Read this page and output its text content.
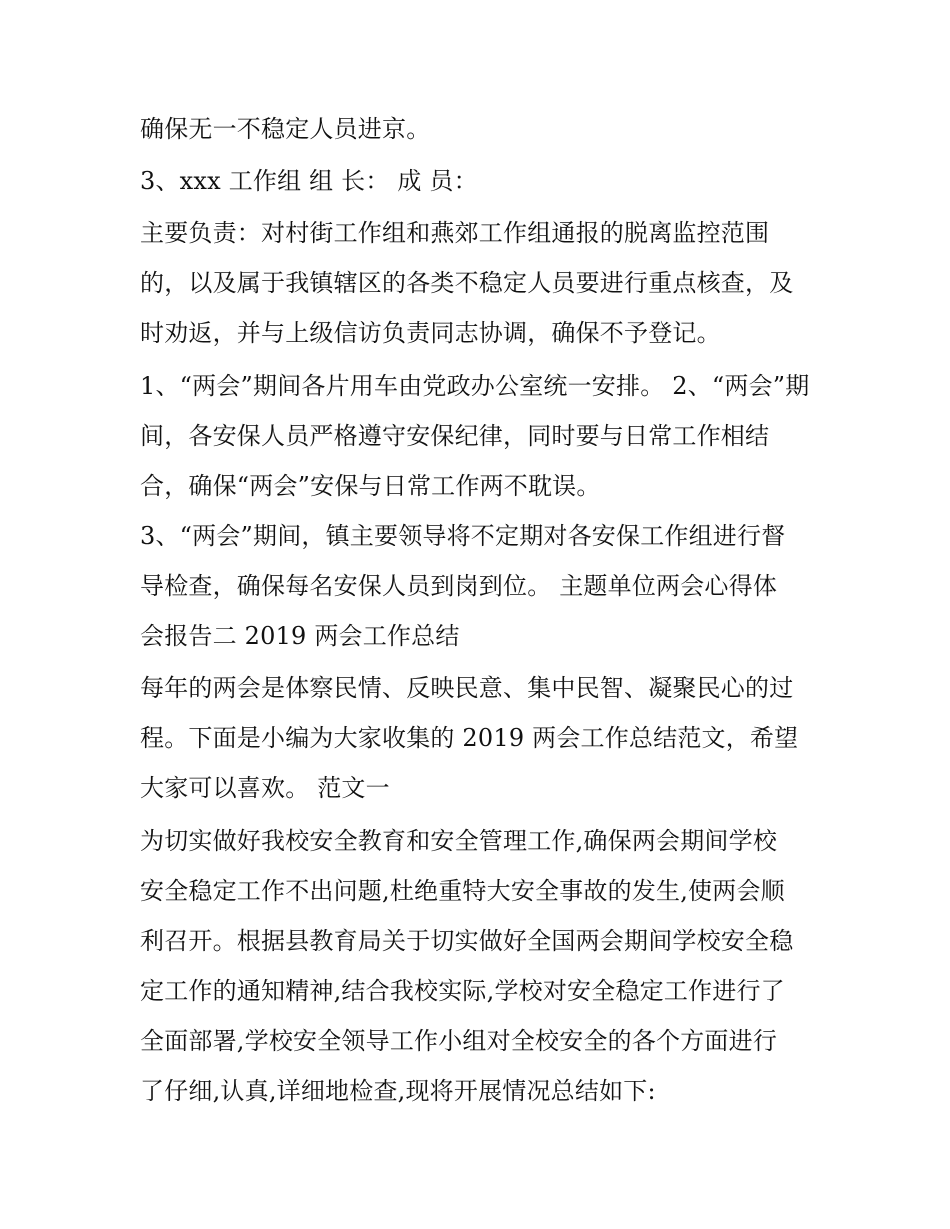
确保无一不稳定人员进京。
3、xxx 工作组 组 长： 成 员：
主要负责：对村街工作组和燕郊工作组通报的脱离监控范围
的，以及属于我镇辖区的各类不稳定人员要进行重点核查，及
时劝返，并与上级信访负责同志协调，确保不予登记。
1、“两会”期间各片用车由党政办公室统一安排。 2、“两会”期
间，各安保人员严格遵守安保纪律，同时要与日常工作相结
合，确保“两会”安保与日常工作两不耽误。
3、“两会”期间，镇主要领导将不定期对各安保工作组进行督
导检查，确保每名安保人员到岗到位。 主题单位两会心得体
会报告二 2019 两会工作总结
每年的两会是体察民情、反映民意、集中民智、凝聚民心的过
程。下面是小编为大家收集的 2019 两会工作总结范文，希望
大家可以喜欢。 范文一
为切实做好我校安全教育和安全管理工作,确保两会期间学校
安全稳定工作不出问题,杜绝重特大安全事故的发生,使两会顺
利召开。根据县教育局关于切实做好全国两会期间学校安全稳
定工作的通知精神,结合我校实际,学校对安全稳定工作进行了
全面部署,学校安全领导工作小组对全校安全的各个方面进行
了仔细,认真,详细地检查,现将开展情况总结如下:
